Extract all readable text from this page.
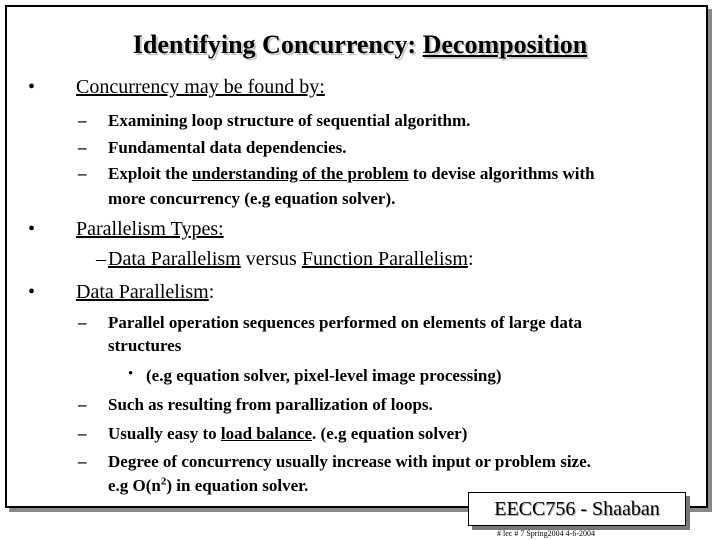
Identifying Concurrency: Decomposition
• Concurrency may be found by:
– Examining loop structure of sequential algorithm.
– Fundamental data dependencies.
– Exploit the understanding of the problem to devise algorithms with
more concurrency (e.g equation solver).
• Parallelism Types:
– Data Parallelism versus Function Parallelism:
• Data Parallelism:
– Parallel operation sequences performed on elements of large data
structures
• (e.g equation solver, pixel-level image processing)
– Such as resulting from parallization of loops.
– Usually easy to load balance. (e.g equation solver)
– Degree of concurrency usually increase with input or problem size.
e.g $O(n^2)$ in equation solver.
EECC756 - Shaaban
# lec # 7 Spring2004 4-6-2004
